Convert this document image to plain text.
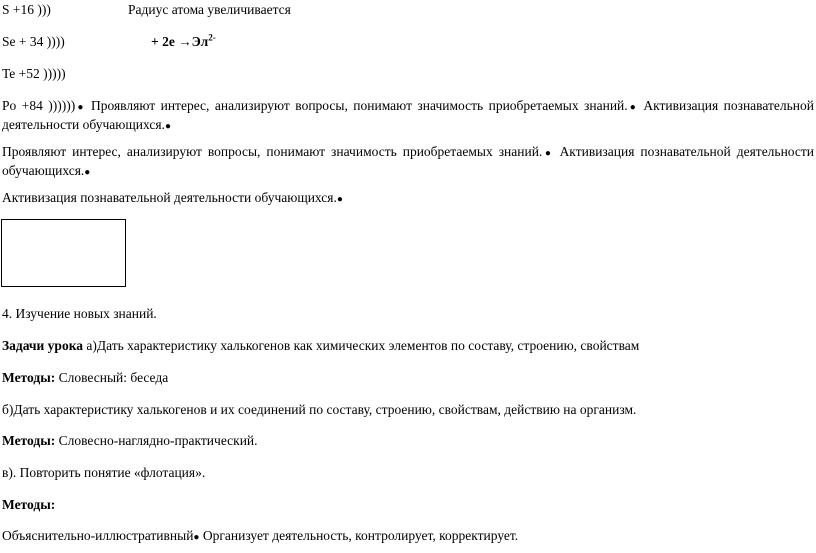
S +16 )))	Радиус атома увеличивается
Se + 34 ))))	+ $2е \to Эл^{2-}$
Te +52 )))))
Po +84 ))))))● Проявляют интерес, анализируют вопросы, понимают значимость приобретаемых знаний.● Активизация познавательной деятельности обучающихся.●
Проявляют интерес, анализируют вопросы, понимают значимость приобретаемых знаний.● Активизация познавательной деятельности обучающихся.●
Активизация познавательной деятельности обучающихся.●
4. Изучение новых знаний.
Задачи урока а)Дать характеристику халькогенов как химических элементов по составу, строению, свойствам
Методы: Словесный: беседа
б)Дать характеристику халькогенов и их соединений по составу, строению, свойствам, действию на организм.
Методы: Словесно-наглядно-практический.
в). Повторить понятие «флотация».
Методы:
Объяснительно-иллюстративный● Организует деятельность, контролирует, корректирует.
